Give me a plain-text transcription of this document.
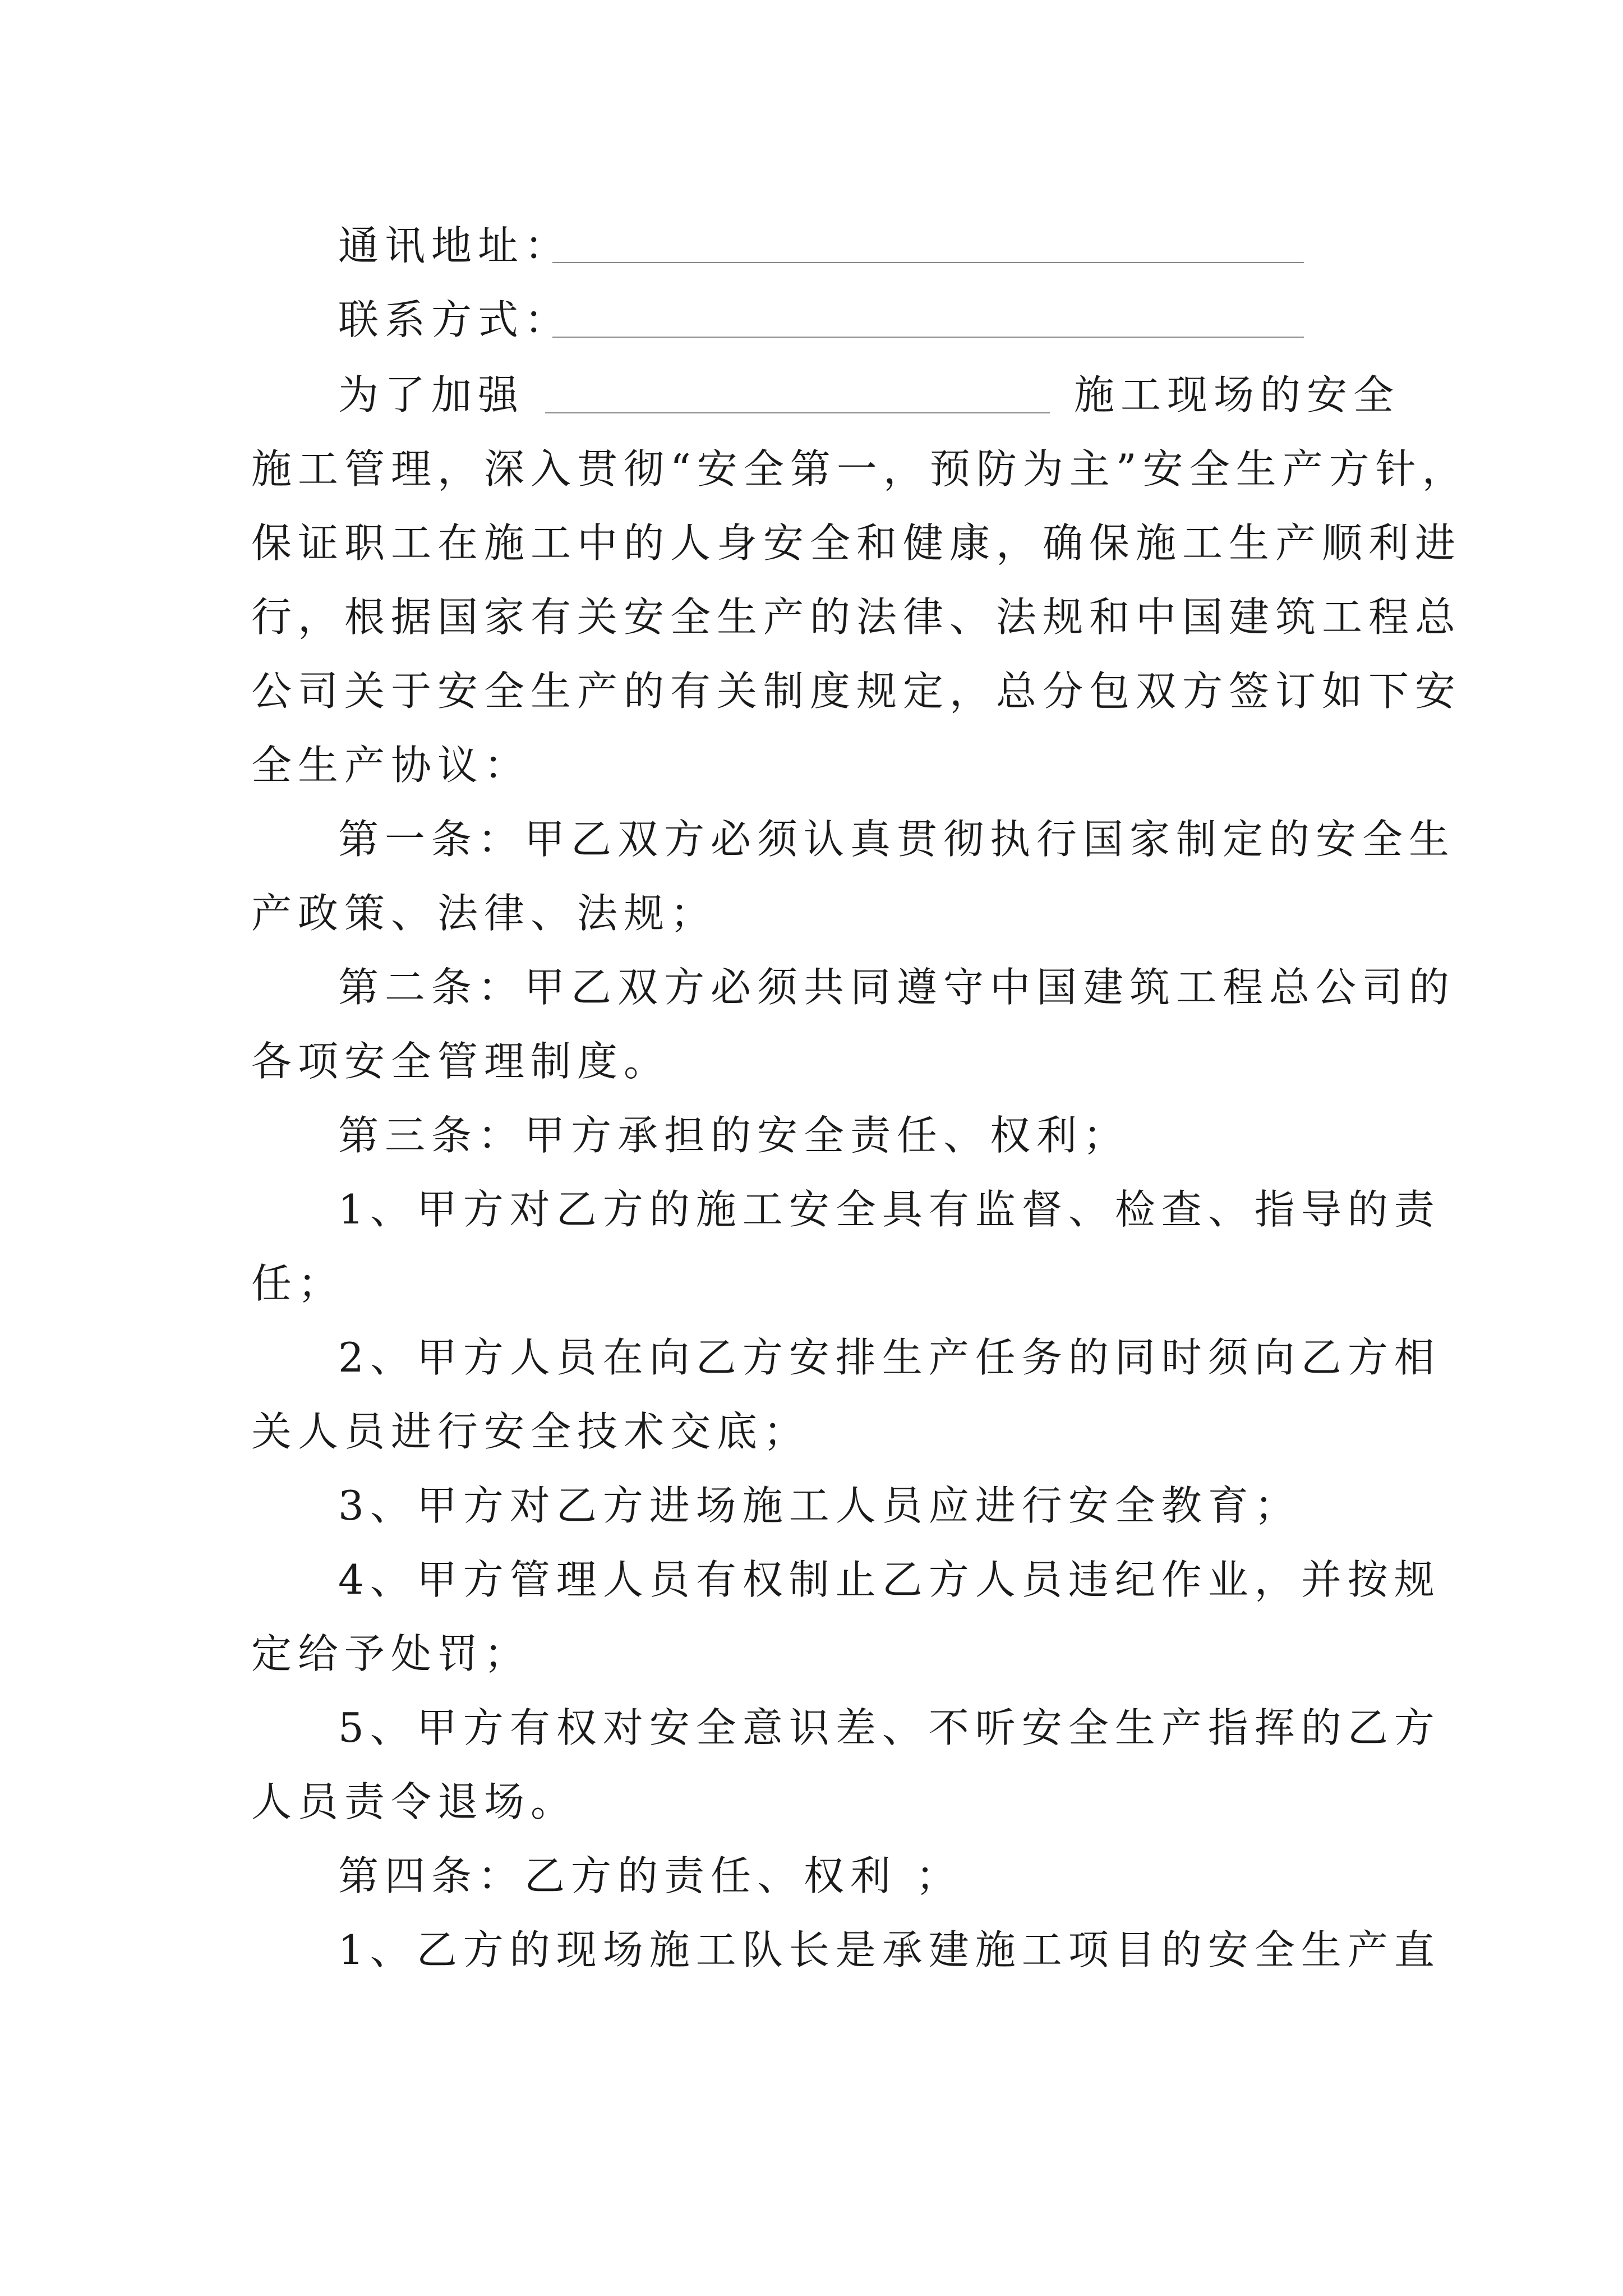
通讯地址：
联系方式：
为了加强	施工现场的安全
施工管理，深入贯彻“安全第一，预防为主”安全生产方针，
保证职工在施工中的人身安全和健康，确保施工生产顺利进
行，根据国家有关安全生产的法律、法规和中国建筑工程总
公司关于安全生产的有关制度规定，总分包双方签订如下安
全生产协议：
第一条：甲乙双方必须认真贯彻执行国家制定的安全生
产政策、法律、法规；
第二条：甲乙双方必须共同遵守中国建筑工程总公司的
各项安全管理制度。
第三条：甲方承担的安全责任、权利；
1、甲方对乙方的施工安全具有监督、检查、指导的责
任；
2、甲方人员在向乙方安排生产任务的同时须向乙方相
关人员进行安全技术交底；
3、甲方对乙方进场施工人员应进行安全教育；
4、甲方管理人员有权制止乙方人员违纪作业，并按规
定给予处罚；
5、甲方有权对安全意识差、不听安全生产指挥的乙方
人员责令退场。
第四条：乙方的责任、权利 ；
1、乙方的现场施工队长是承建施工项目的安全生产直
